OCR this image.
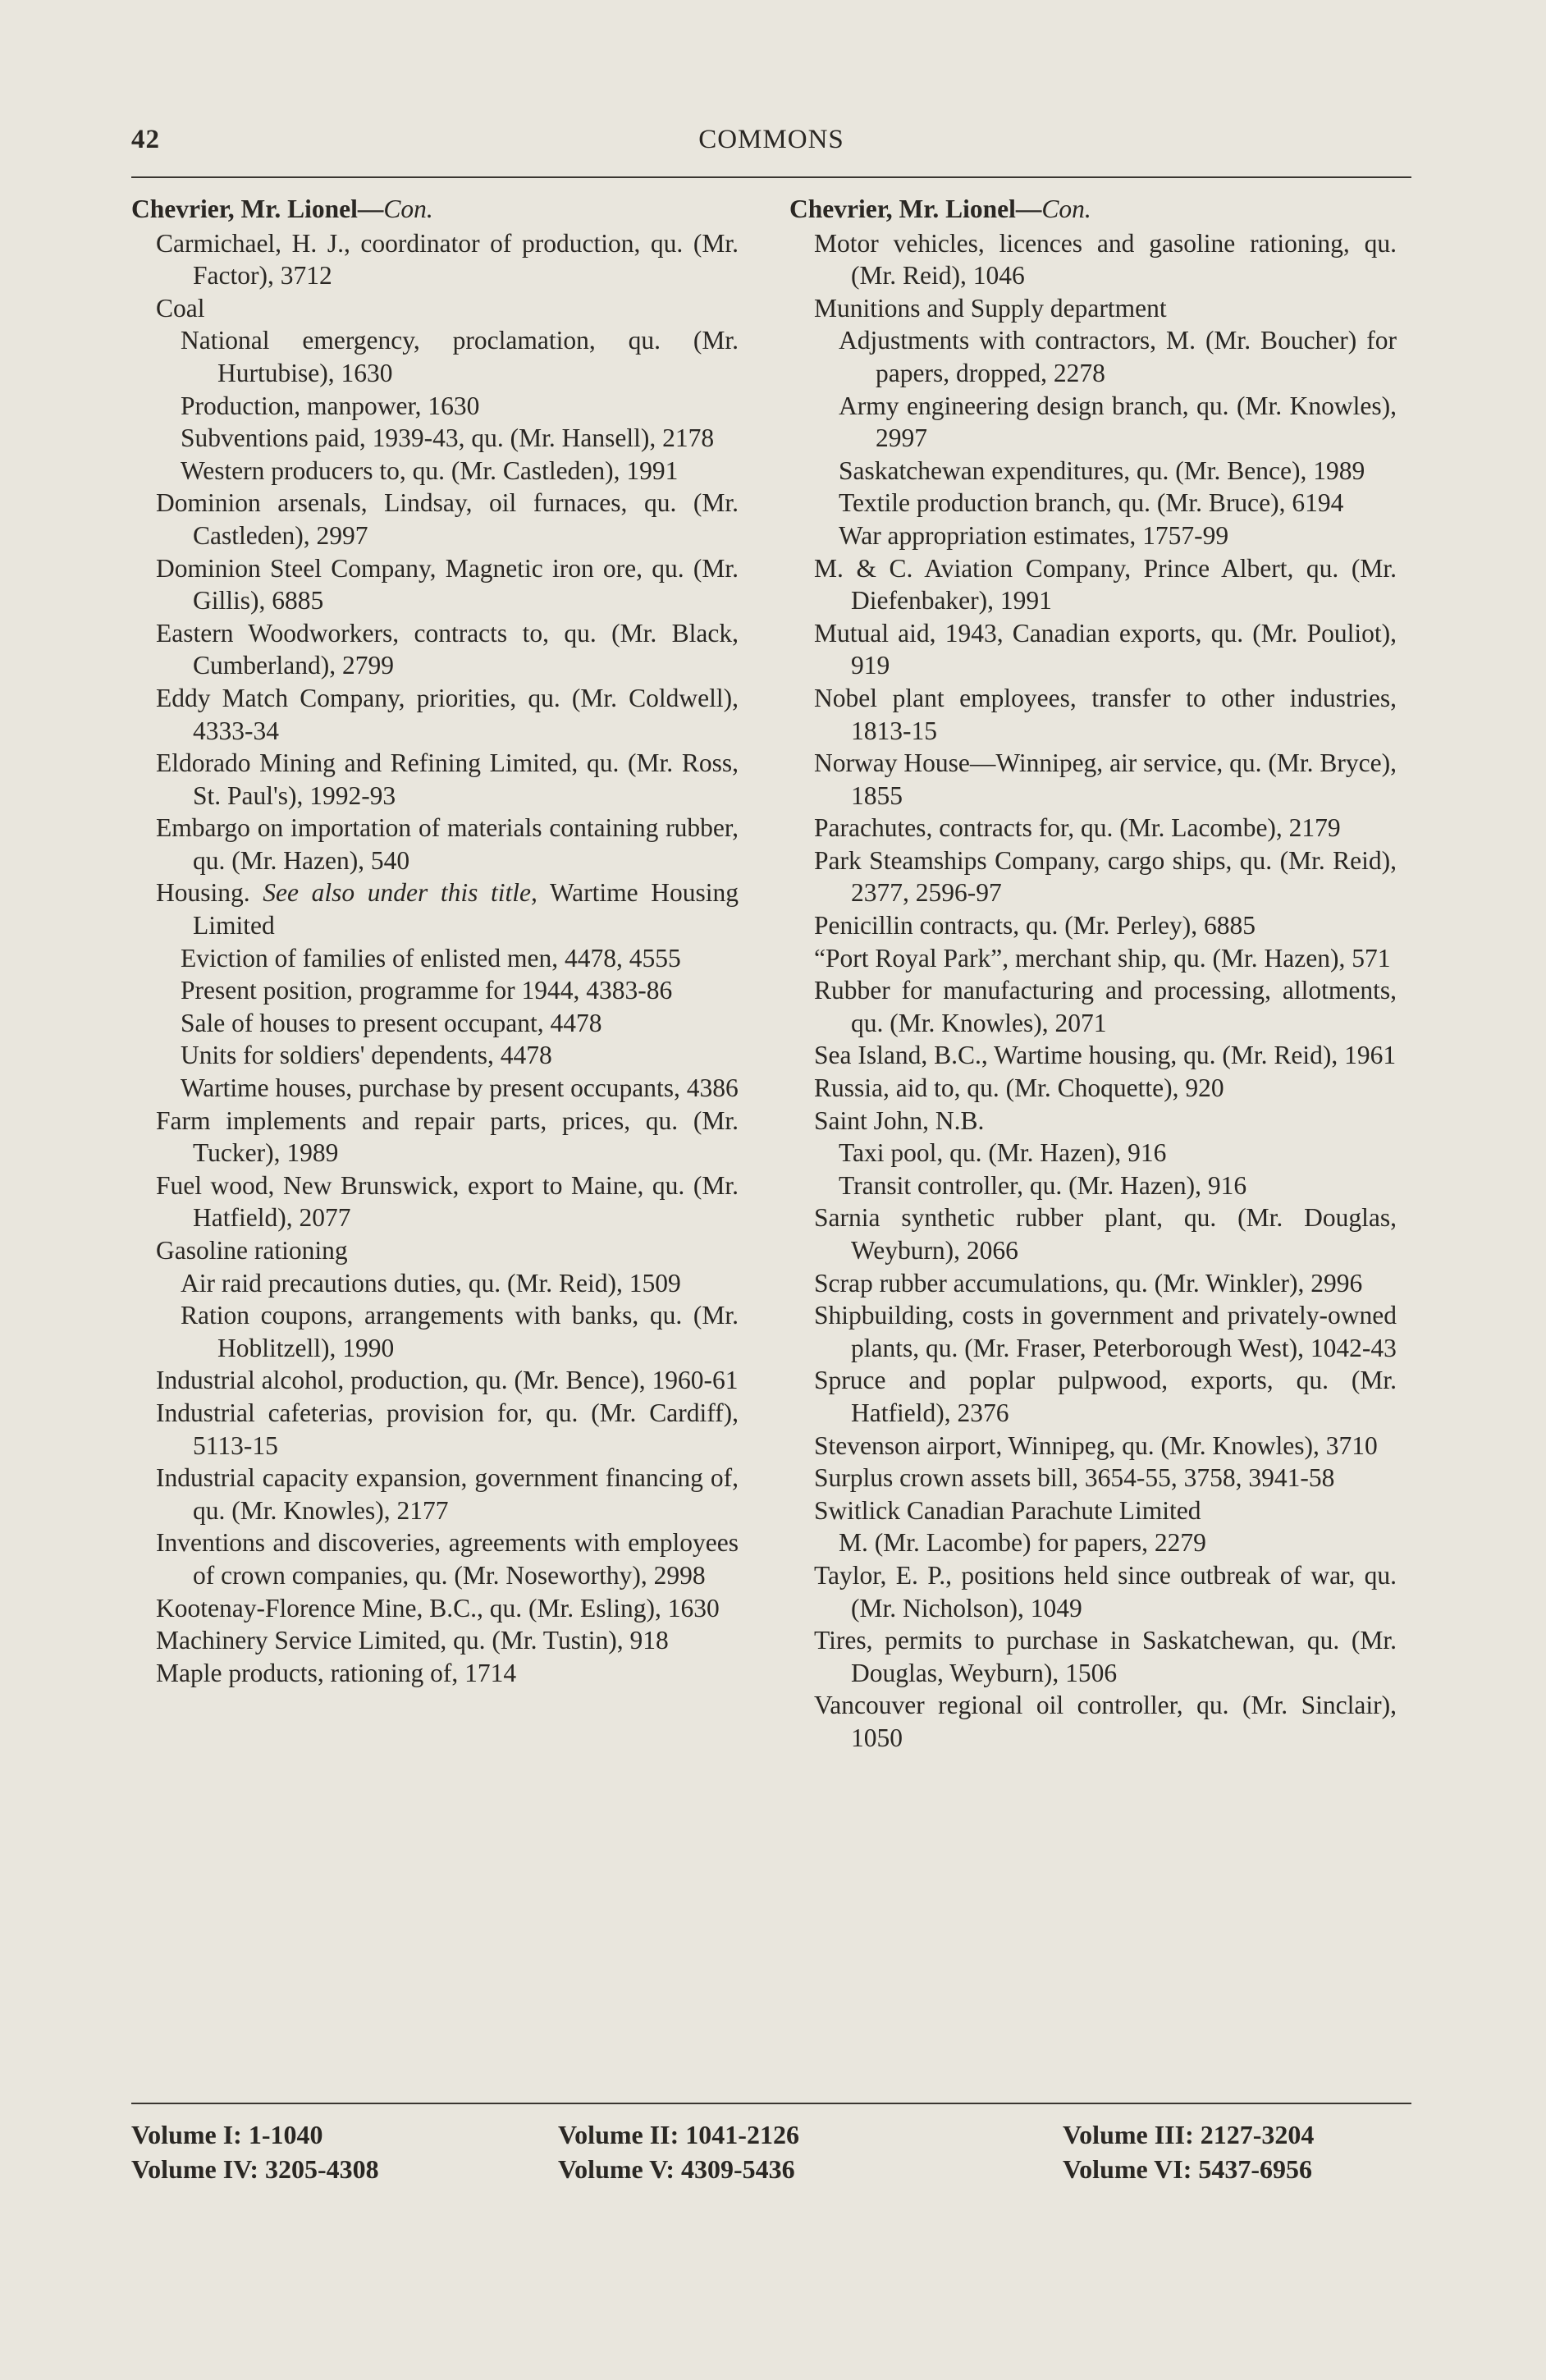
42	COMMONS
Chevrier, Mr. Lionel—Con.
Carmichael, H. J., coordinator of production, qu. (Mr. Factor), 3712
Coal
National emergency, proclamation, qu. (Mr. Hurtubise), 1630
Production, manpower, 1630
Subventions paid, 1939-43, qu. (Mr. Hansell), 2178
Western producers to, qu. (Mr. Castleden), 1991
Dominion arsenals, Lindsay, oil furnaces, qu. (Mr. Castleden), 2997
Dominion Steel Company, Magnetic iron ore, qu. (Mr. Gillis), 6885
Eastern Woodworkers, contracts to, qu. (Mr. Black, Cumberland), 2799
Eddy Match Company, priorities, qu. (Mr. Coldwell), 4333-34
Eldorado Mining and Refining Limited, qu. (Mr. Ross, St. Paul's), 1992-93
Embargo on importation of materials containing rubber, qu. (Mr. Hazen), 540
Housing. See also under this title, Wartime Housing Limited
Eviction of families of enlisted men, 4478, 4555
Present position, programme for 1944, 4383-86
Sale of houses to present occupant, 4478
Units for soldiers' dependents, 4478
Wartime houses, purchase by present occupants, 4386
Farm implements and repair parts, prices, qu. (Mr. Tucker), 1989
Fuel wood, New Brunswick, export to Maine, qu. (Mr. Hatfield), 2077
Gasoline rationing
Air raid precautions duties, qu. (Mr. Reid), 1509
Ration coupons, arrangements with banks, qu. (Mr. Hoblitzell), 1990
Industrial alcohol, production, qu. (Mr. Bence), 1960-61
Industrial cafeterias, provision for, qu. (Mr. Cardiff), 5113-15
Industrial capacity expansion, government financing of, qu. (Mr. Knowles), 2177
Inventions and discoveries, agreements with employees of crown companies, qu. (Mr. Noseworthy), 2998
Kootenay-Florence Mine, B.C., qu. (Mr. Esling), 1630
Machinery Service Limited, qu. (Mr. Tustin), 918
Maple products, rationing of, 1714
Chevrier, Mr. Lionel—Con.
Motor vehicles, licences and gasoline rationing, qu. (Mr. Reid), 1046
Munitions and Supply department
Adjustments with contractors, M. (Mr. Boucher) for papers, dropped, 2278
Army engineering design branch, qu. (Mr. Knowles), 2997
Saskatchewan expenditures, qu. (Mr. Bence), 1989
Textile production branch, qu. (Mr. Bruce), 6194
War appropriation estimates, 1757-99
M. & C. Aviation Company, Prince Albert, qu. (Mr. Diefenbaker), 1991
Mutual aid, 1943, Canadian exports, qu. (Mr. Pouliot), 919
Nobel plant employees, transfer to other industries, 1813-15
Norway House—Winnipeg, air service, qu. (Mr. Bryce), 1855
Parachutes, contracts for, qu. (Mr. Lacombe), 2179
Park Steamships Company, cargo ships, qu. (Mr. Reid), 2377, 2596-97
Penicillin contracts, qu. (Mr. Perley), 6885
“Port Royal Park”, merchant ship, qu. (Mr. Hazen), 571
Rubber for manufacturing and processing, allotments, qu. (Mr. Knowles), 2071
Sea Island, B.C., Wartime housing, qu. (Mr. Reid), 1961
Russia, aid to, qu. (Mr. Choquette), 920
Saint John, N.B.
Taxi pool, qu. (Mr. Hazen), 916
Transit controller, qu. (Mr. Hazen), 916
Sarnia synthetic rubber plant, qu. (Mr. Douglas, Weyburn), 2066
Scrap rubber accumulations, qu. (Mr. Winkler), 2996
Shipbuilding, costs in government and privately-owned plants, qu. (Mr. Fraser, Peterborough West), 1042-43
Spruce and poplar pulpwood, exports, qu. (Mr. Hatfield), 2376
Stevenson airport, Winnipeg, qu. (Mr. Knowles), 3710
Surplus crown assets bill, 3654-55, 3758, 3941-58
Switlick Canadian Parachute Limited
M. (Mr. Lacombe) for papers, 2279
Taylor, E. P., positions held since outbreak of war, qu. (Mr. Nicholson), 1049
Tires, permits to purchase in Saskatchewan, qu. (Mr. Douglas, Weyburn), 1506
Vancouver regional oil controller, qu. (Mr. Sinclair), 1050
Volume I: 1-1040
Volume IV: 3205-4308
Volume II: 1041-2126
Volume V: 4309-5436
Volume III: 2127-3204
Volume VI: 5437-6956
